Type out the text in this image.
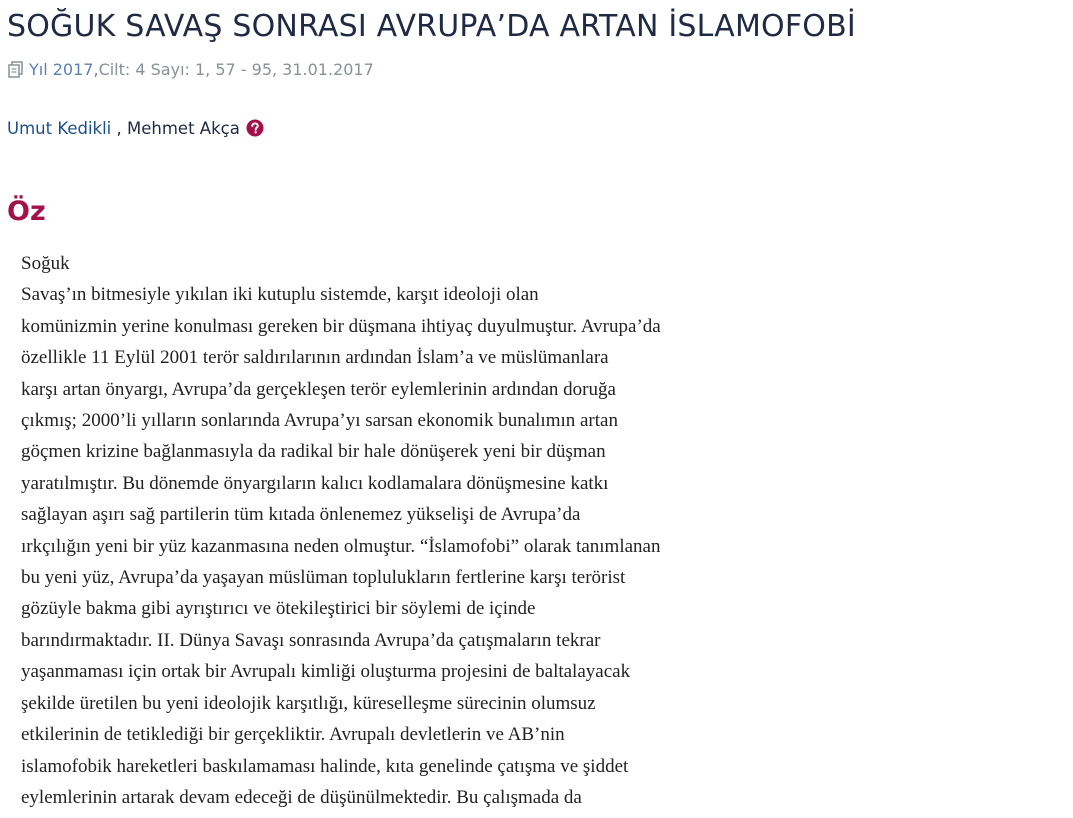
SOĞUK SAVAŞ SONRASI AVRUPA’DA ARTAN İSLAMOFOBİ
Yıl 2017, Cilt: 4 Sayı: 1, 57 - 95, 31.01.2017
Umut Kedikli , Mehmet Akça
Öz

Soğuk
Savaş’ın bitmesiyle yıkılan iki kutuplu sistemde, karşıt ideoloji olan
komünizmin yerine konulması gereken bir düşmana ihtiyaç duyulmuştur. Avrupa’da
özellikle 11 Eylül 2001 terör saldırılarının ardından İslam’a ve müslümanlara
karşı artan önyargı, Avrupa’da gerçekleşen terör eylemlerinin ardından doruğa
çıkmış; 2000’li yılların sonlarında Avrupa’yı sarsan ekonomik bunalımın artan
göçmen krizine bağlanmasıyla da radikal bir hale dönüşerek yeni bir düşman
yaratılmıştır. Bu dönemde önyargıların kalıcı kodlamalara dönüşmesine katkı
sağlayan aşırı sağ partilerin tüm kıtada önlenemez yükselişi de Avrupa’da
ırkçılığın yeni bir yüz kazanmasına neden olmuştur. “İslamofobi” olarak tanımlanan
bu yeni yüz, Avrupa’da yaşayan müslüman toplulukların fertlerine karşı terörist
gözüyle bakma gibi ayrıştırıcı ve ötekileştirici bir söylemi de içinde
barındırmaktadır. II. Dünya Savaşı sonrasında Avrupa’da çatışmaların tekrar
yaşanmaması için ortak bir Avrupalı kimliği oluşturma projesini de baltalayacak
şekilde üretilen bu yeni ideolojik karşıtlığı, küreselleşme sürecinin olumsuz
etkilerinin de tetiklediği bir gerçekliktir. Avrupalı devletlerin ve AB’nin
islamofobik hareketleri baskılamaması halinde, kıta genelinde çatışma ve şiddet
eylemlerinin artarak devam edeceği de düşünülmektedir. Bu çalışmada da
